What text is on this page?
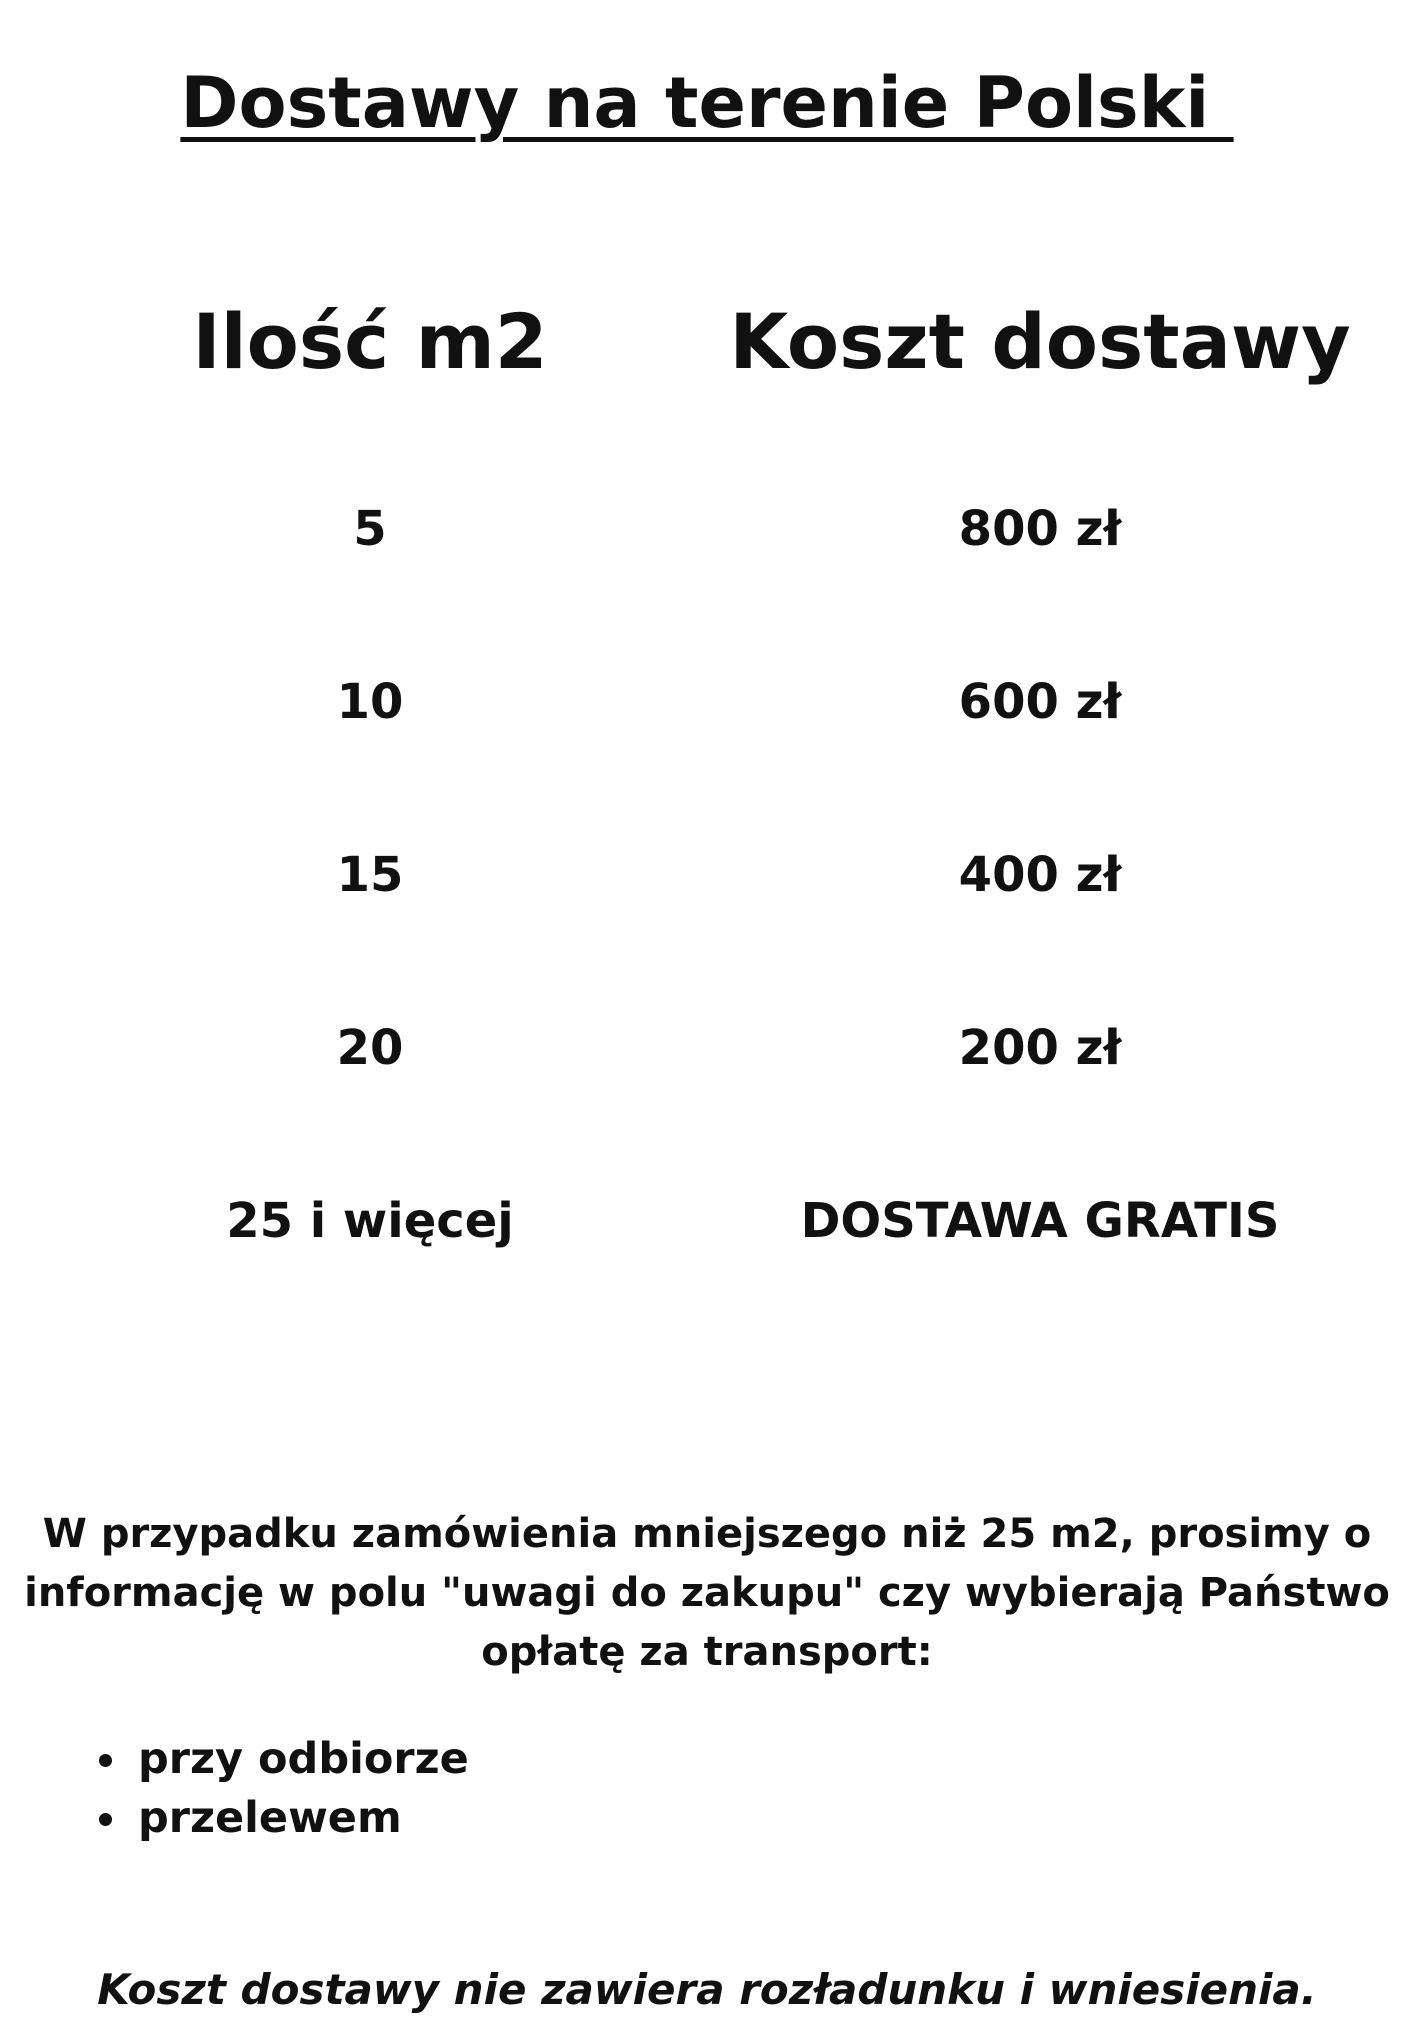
Dostawy na terenie Polski
Ilość m2	Koszt dostawy
5	800 zł
10	600 zł
15	400 zł
20	200 zł
25 i więcej	DOSTAWA GRATIS

W przypadku zamówienia mniejszego niż 25 m2, prosimy o informację w polu "uwagi do zakupu" czy wybierają Państwo opłatę za transport:

przy odbiorze
przelewem

Koszt dostawy nie zawiera rozładunku i wniesienia.
